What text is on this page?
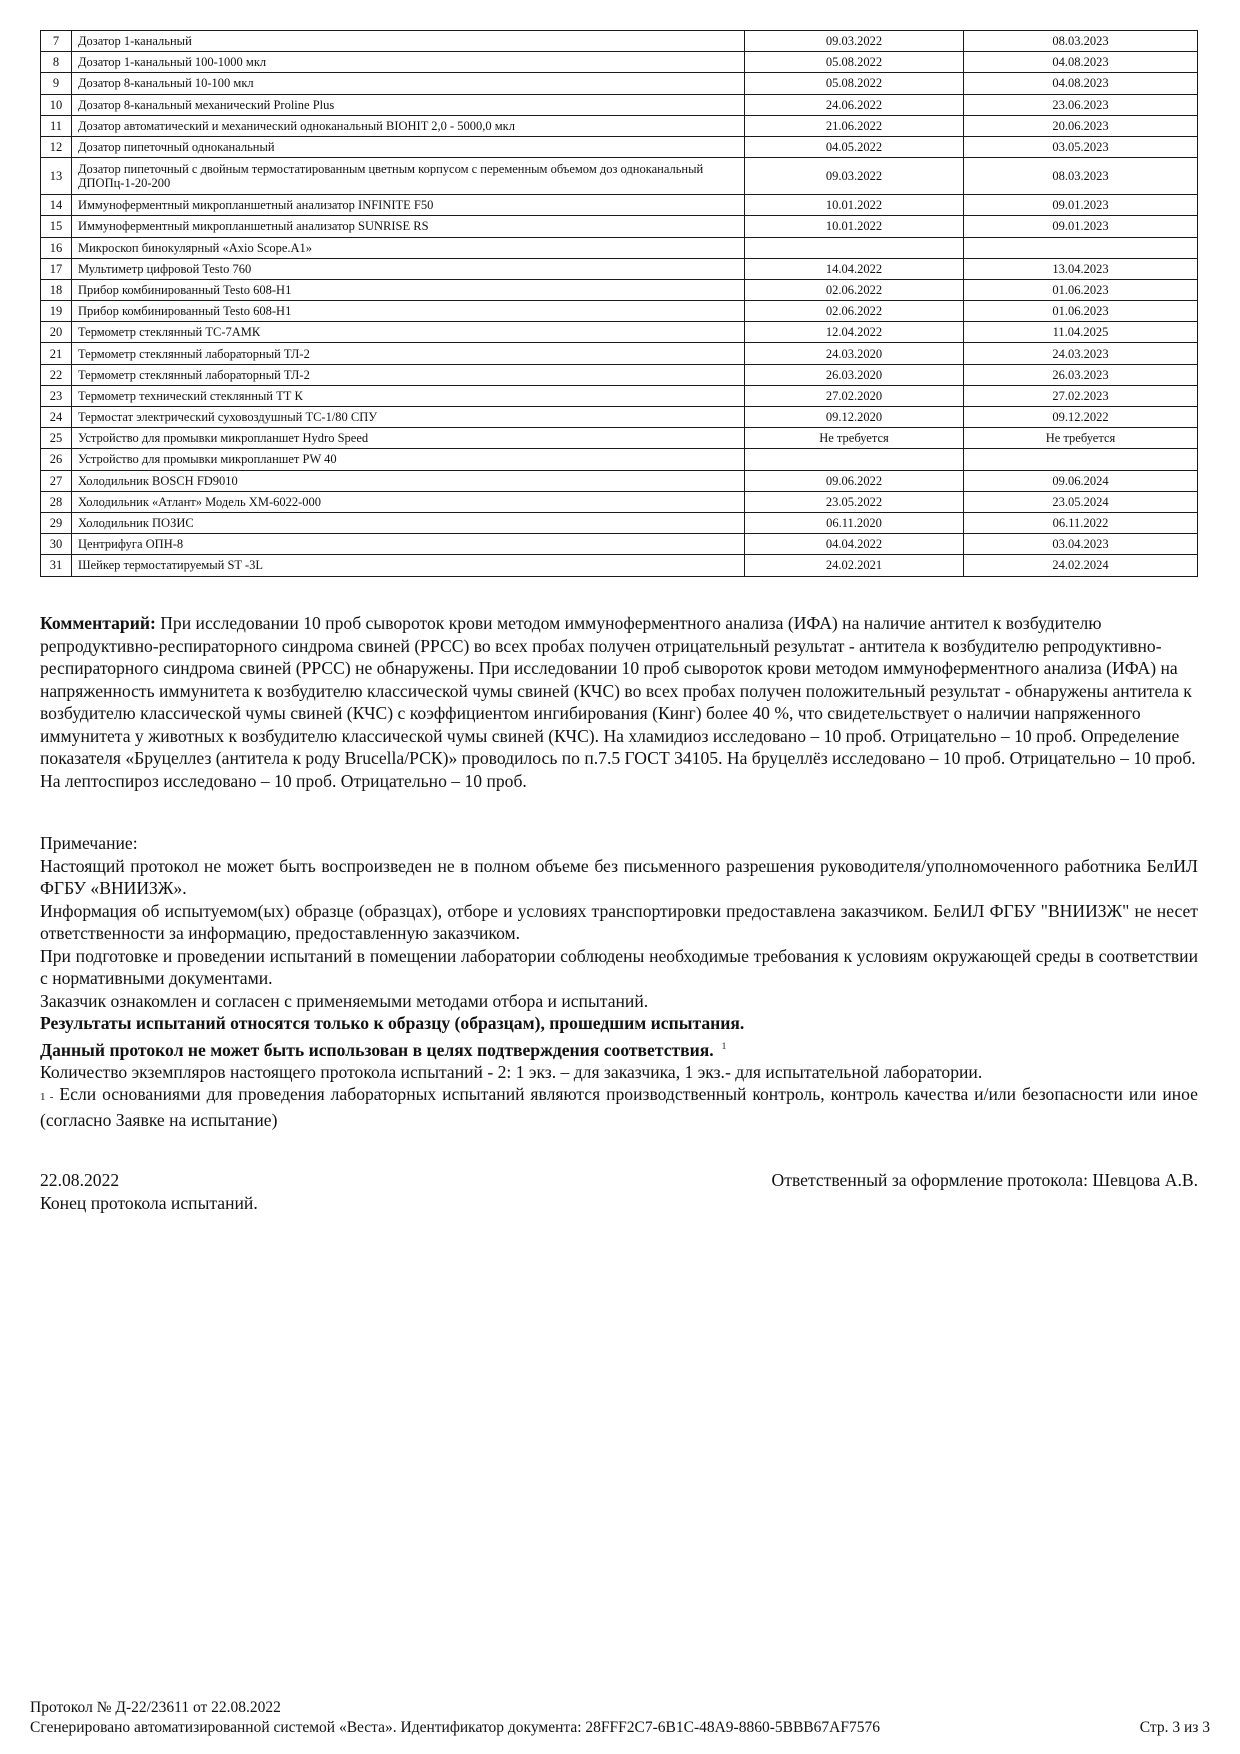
7	Дозатор 1-канальный	09.03.2022	08.03.2023
8	Дозатор 1-канальный 100-1000 мкл	05.08.2022	04.08.2023
9	Дозатор 8-канальный 10-100 мкл	05.08.2022	04.08.2023
10	Дозатор 8-канальный механический Proline Plus	24.06.2022	23.06.2023
11	Дозатор автоматический и механический одноканальный BIOHIT 2,0 - 5000,0 мкл	21.06.2022	20.06.2023
12	Дозатор пипеточный одноканальный	04.05.2022	03.05.2023
13	Дозатор пипеточный с двойным термостатированным цветным корпусом с переменным объемом доз одноканальный ДПОПц-1-20-200	09.03.2022	08.03.2023
14	Иммуноферментный микропланшетный анализатор INFINITE F50	10.01.2022	09.01.2023
15	Иммуноферментный микропланшетный анализатор SUNRISE RS	10.01.2022	09.01.2023
16	Микроскоп бинокулярный «Axio Scope.A1»		
17	Мультиметр цифровой Testo 760	14.04.2022	13.04.2023
18	Прибор комбинированный Testo 608-H1	02.06.2022	01.06.2023
19	Прибор комбинированный Testo 608-H1	02.06.2022	01.06.2023
20	Термометр стеклянный ТС-7АМК	12.04.2022	11.04.2025
21	Термометр стеклянный лабораторный ТЛ-2	24.03.2020	24.03.2023
22	Термометр стеклянный лабораторный ТЛ-2	26.03.2020	26.03.2023
23	Термометр технический стеклянный ТТ К	27.02.2020	27.02.2023
24	Термостат электрический суховоздушный ТС-1/80 СПУ	09.12.2020	09.12.2022
25	Устройство для промывки микропланшет Hydro Speed	Не требуется	Не требуется
26	Устройство для промывки микропланшет PW 40		
27	Холодильник BOSCH FD9010	09.06.2022	09.06.2024
28	Холодильник «Атлант» Модель ХМ-6022-000	23.05.2022	23.05.2024
29	Холодильник ПОЗИС	06.11.2020	06.11.2022
30	Центрифуга ОПН-8	04.04.2022	03.04.2023
31	Шейкер термостатируемый ST -3L	24.02.2021	24.02.2024
Комментарий: При исследовании 10 проб сывороток крови методом иммуноферментного анализа (ИФА) на наличие антител к возбудителю репродуктивно-респираторного синдрома свиней (РРСС) во всех пробах получен отрицательный результат - антитела к возбудителю репродуктивно-респираторного синдрома свиней (РРСС) не обнаружены. При исследовании 10 проб сывороток крови методом иммуноферментного анализа (ИФА) на напряженность иммунитета к возбудителю классической чумы свиней (КЧС) во всех пробах получен положительный результат - обнаружены антитела к возбудителю классической чумы свиней (КЧС) с коэффициентом ингибирования (Кинг) более 40 %, что свидетельствует о наличии напряженного иммунитета у животных к возбудителю классической чумы свиней (КЧС). На хламидиоз исследовано – 10 проб. Отрицательно – 10 проб. Определение показателя «Бруцеллез (антитела к роду Brucella/РСК)» проводилось по п.7.5 ГОСТ 34105. На бруцеллёз исследовано – 10 проб. Отрицательно – 10 проб. На лептоспироз исследовано – 10 проб. Отрицательно – 10 проб.

Примечание:

Настоящий протокол не может быть воспроизведен не в полном объеме без письменного разрешения руководителя/уполномоченного работника БелИЛ ФГБУ «ВНИИЗЖ».

Информация об испытуемом(ых) образце (образцах), отборе и условиях транспортировки предоставлена заказчиком. БелИЛ ФГБУ "ВНИИЗЖ" не несет ответственности за информацию, предоставленную заказчиком.

При подготовке и проведении испытаний в помещении лаборатории соблюдены необходимые требования к условиям окружающей среды в соответствии с нормативными документами.

Заказчик ознакомлен и согласен с применяемыми методами отбора и испытаний.

Результаты испытаний относятся только к образцу (образцам), прошедшим испытания.

Данный протокол не может быть использован в целях подтверждения соответствия. $^1$

Количество экземпляров настоящего протокола испытаний - 2: 1 экз. – для заказчика, 1 экз.- для испытательной лаборатории.

1 - Если основаниями для проведения лабораторных испытаний являются производственный контроль, контроль качества и/или безопасности или иное (согласно Заявке на испытание)

22.08.2022	Ответственный за оформление протокола: Шевцова А.В.
Конец протокола испытаний.
Протокол № Д-22/23611 от 22.08.2022
Сгенерировано автоматизированной системой «Веста». Идентификатор документа: 28FFF2C7-6B1C-48A9-8860-5BBB67AF7576	Стр. 3 из 3
